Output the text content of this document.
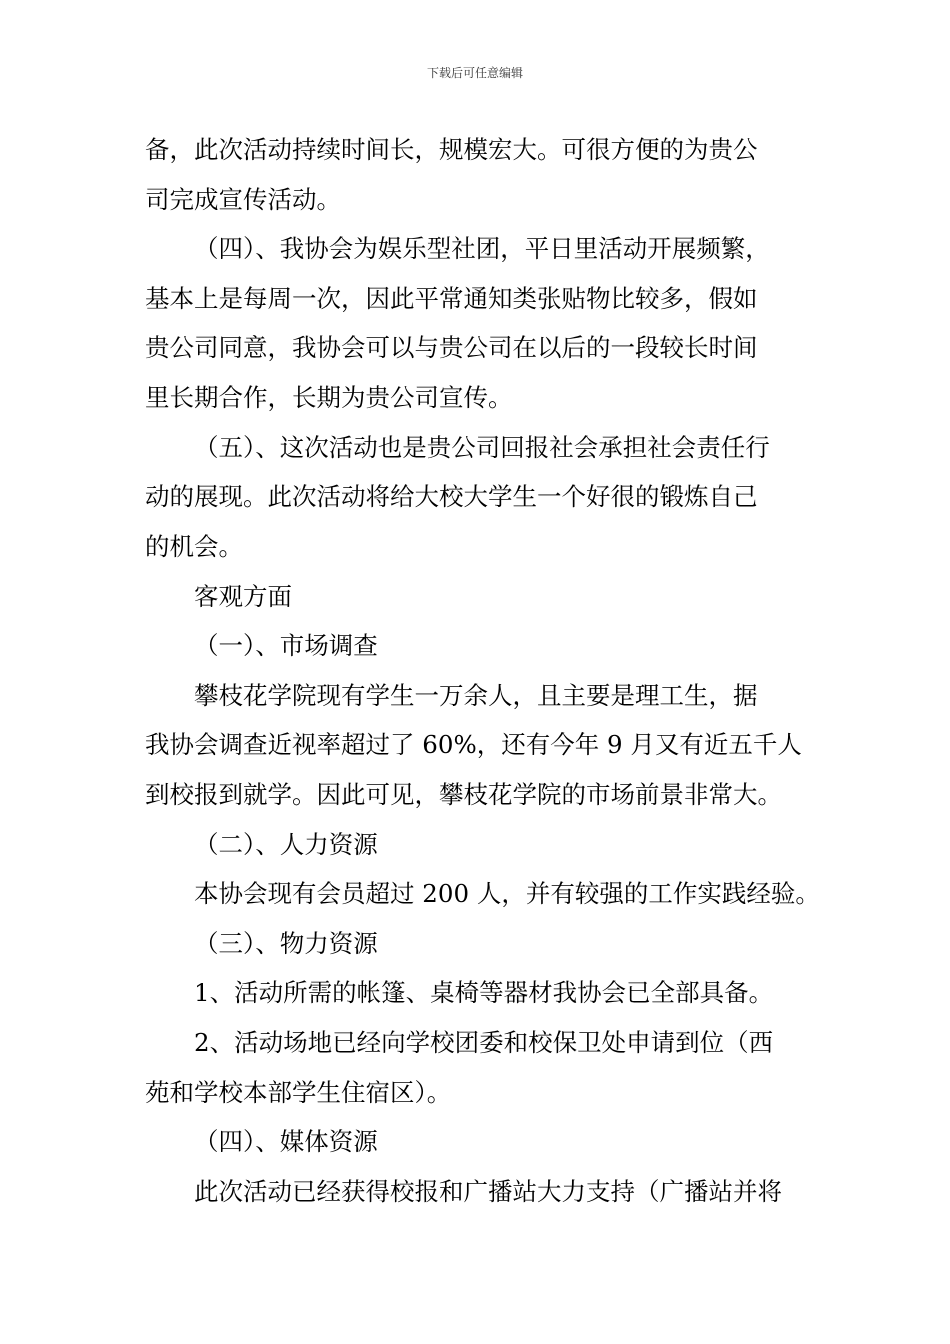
下载后可任意编辑
备，此次活动持续时间长，规模宏大。可很方便的为贵公
司完成宣传活动。
（四）、我协会为娱乐型社团，平日里活动开展频繁，
基本上是每周一次，因此平常通知类张贴物比较多，假如
贵公司同意，我协会可以与贵公司在以后的一段较长时间
里长期合作，长期为贵公司宣传。
（五）、这次活动也是贵公司回报社会承担社会责任行
动的展现。此次活动将给大校大学生一个好很的锻炼自己
的机会。
客观方面
（一）、市场调查
攀枝花学院现有学生一万余人，且主要是理工生，据
我协会调查近视率超过了 60%，还有今年 9 月又有近五千人
到校报到就学。因此可见，攀枝花学院的市场前景非常大。
（二）、人力资源
本协会现有会员超过 200 人，并有较强的工作实践经验。
（三）、物力资源
1、活动所需的帐篷、桌椅等器材我协会已全部具备。
2、活动场地已经向学校团委和校保卫处申请到位（西
苑和学校本部学生住宿区）。
（四）、媒体资源
此次活动已经获得校报和广播站大力支持（广播站并将
